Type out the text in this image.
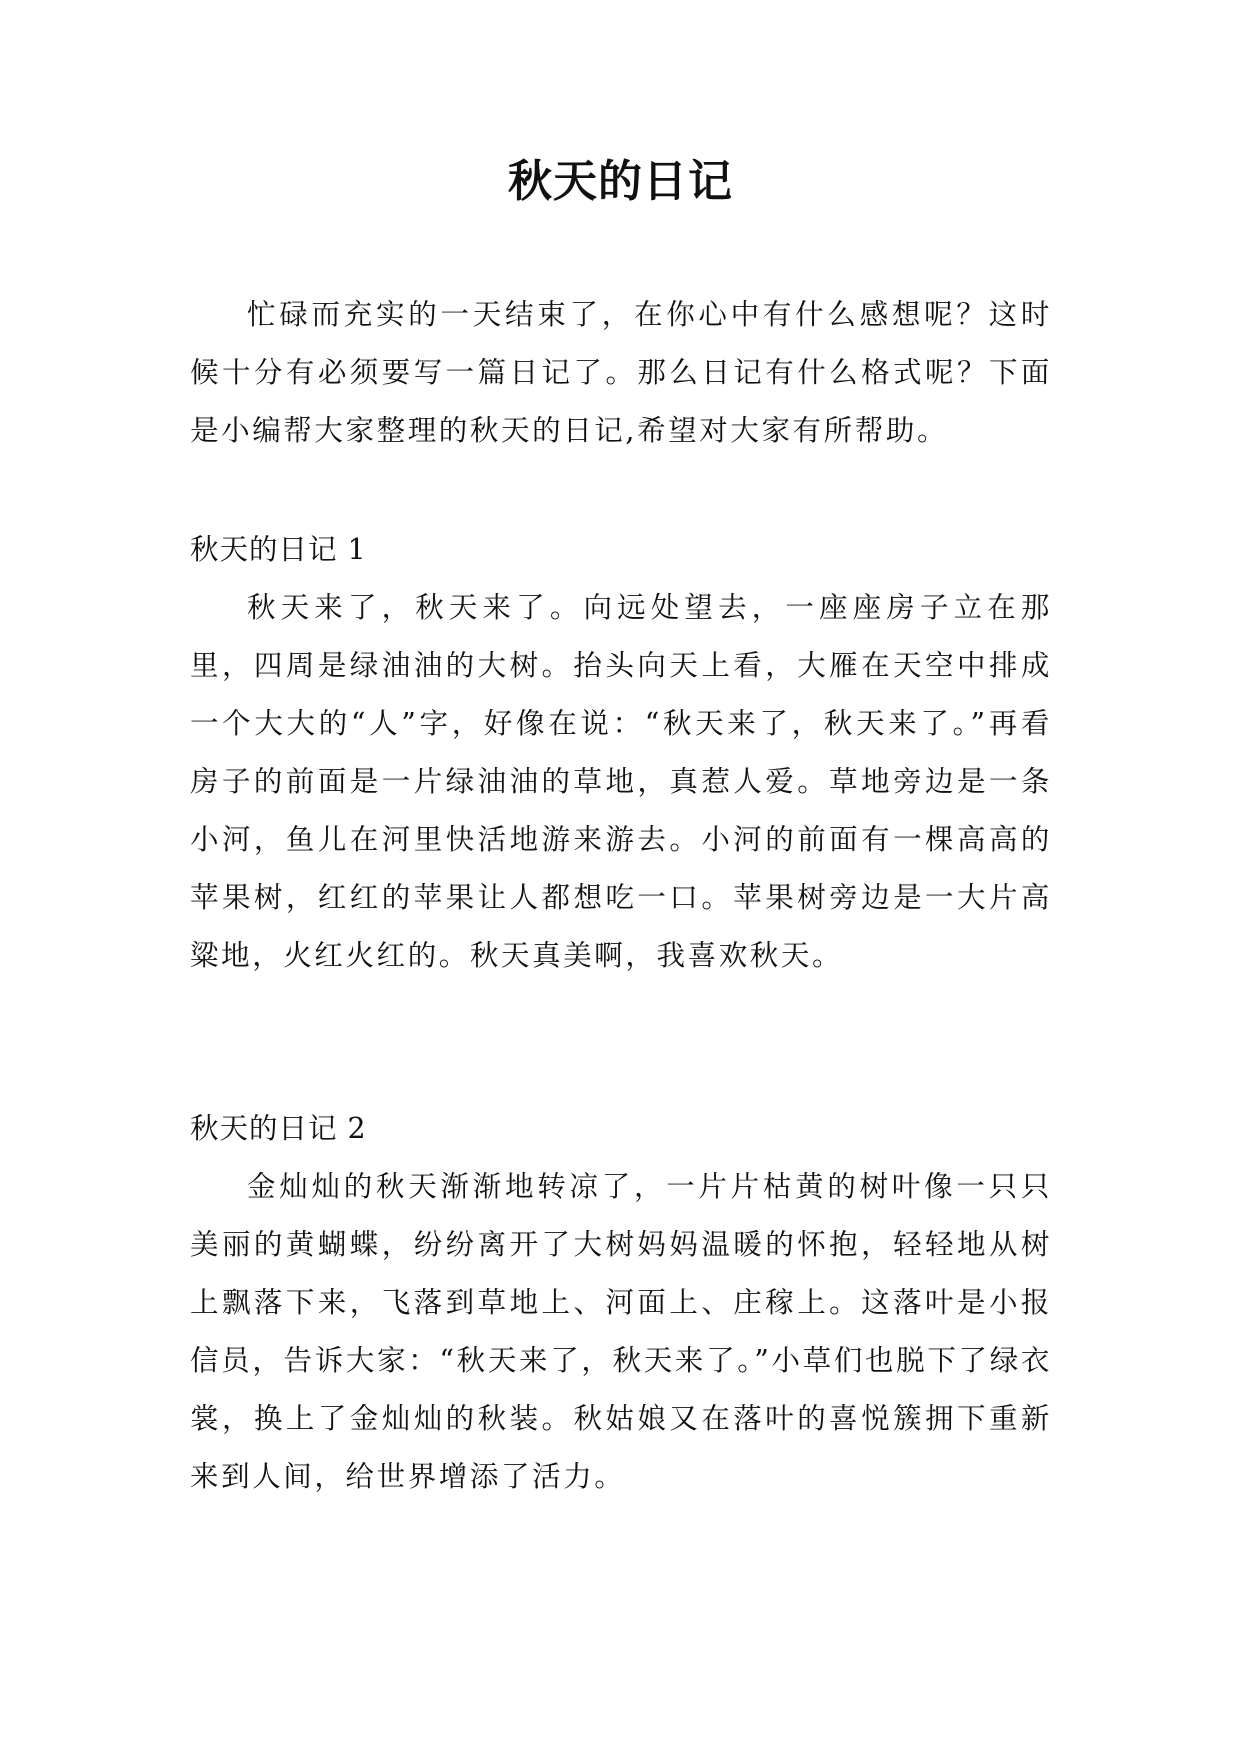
秋天的日记

忙碌而充实的一天结束了，在你心中有什么感想呢？这时候十分有必须要写一篇日记了。那么日记有什么格式呢？下面是小编帮大家整理的秋天的日记,希望对大家有所帮助。

秋天的日记 1

秋天来了，秋天来了。向远处望去，一座座房子立在那里，四周是绿油油的大树。抬头向天上看，大雁在天空中排成一个大大的“人”字，好像在说：“秋天来了，秋天来了。”再看房子的前面是一片绿油油的草地，真惹人爱。草地旁边是一条小河，鱼儿在河里快活地游来游去。小河的前面有一棵高高的苹果树，红红的苹果让人都想吃一口。苹果树旁边是一大片高粱地，火红火红的。秋天真美啊，我喜欢秋天。

秋天的日记 2

金灿灿的秋天渐渐地转凉了，一片片枯黄的树叶像一只只美丽的黄蝴蝶，纷纷离开了大树妈妈温暖的怀抱，轻轻地从树上飘落下来，飞落到草地上、河面上、庄稼上。这落叶是小报信员，告诉大家：“秋天来了，秋天来了。”小草们也脱下了绿衣裳，换上了金灿灿的秋装。秋姑娘又在落叶的喜悦簇拥下重新来到人间，给世界增添了活力。
